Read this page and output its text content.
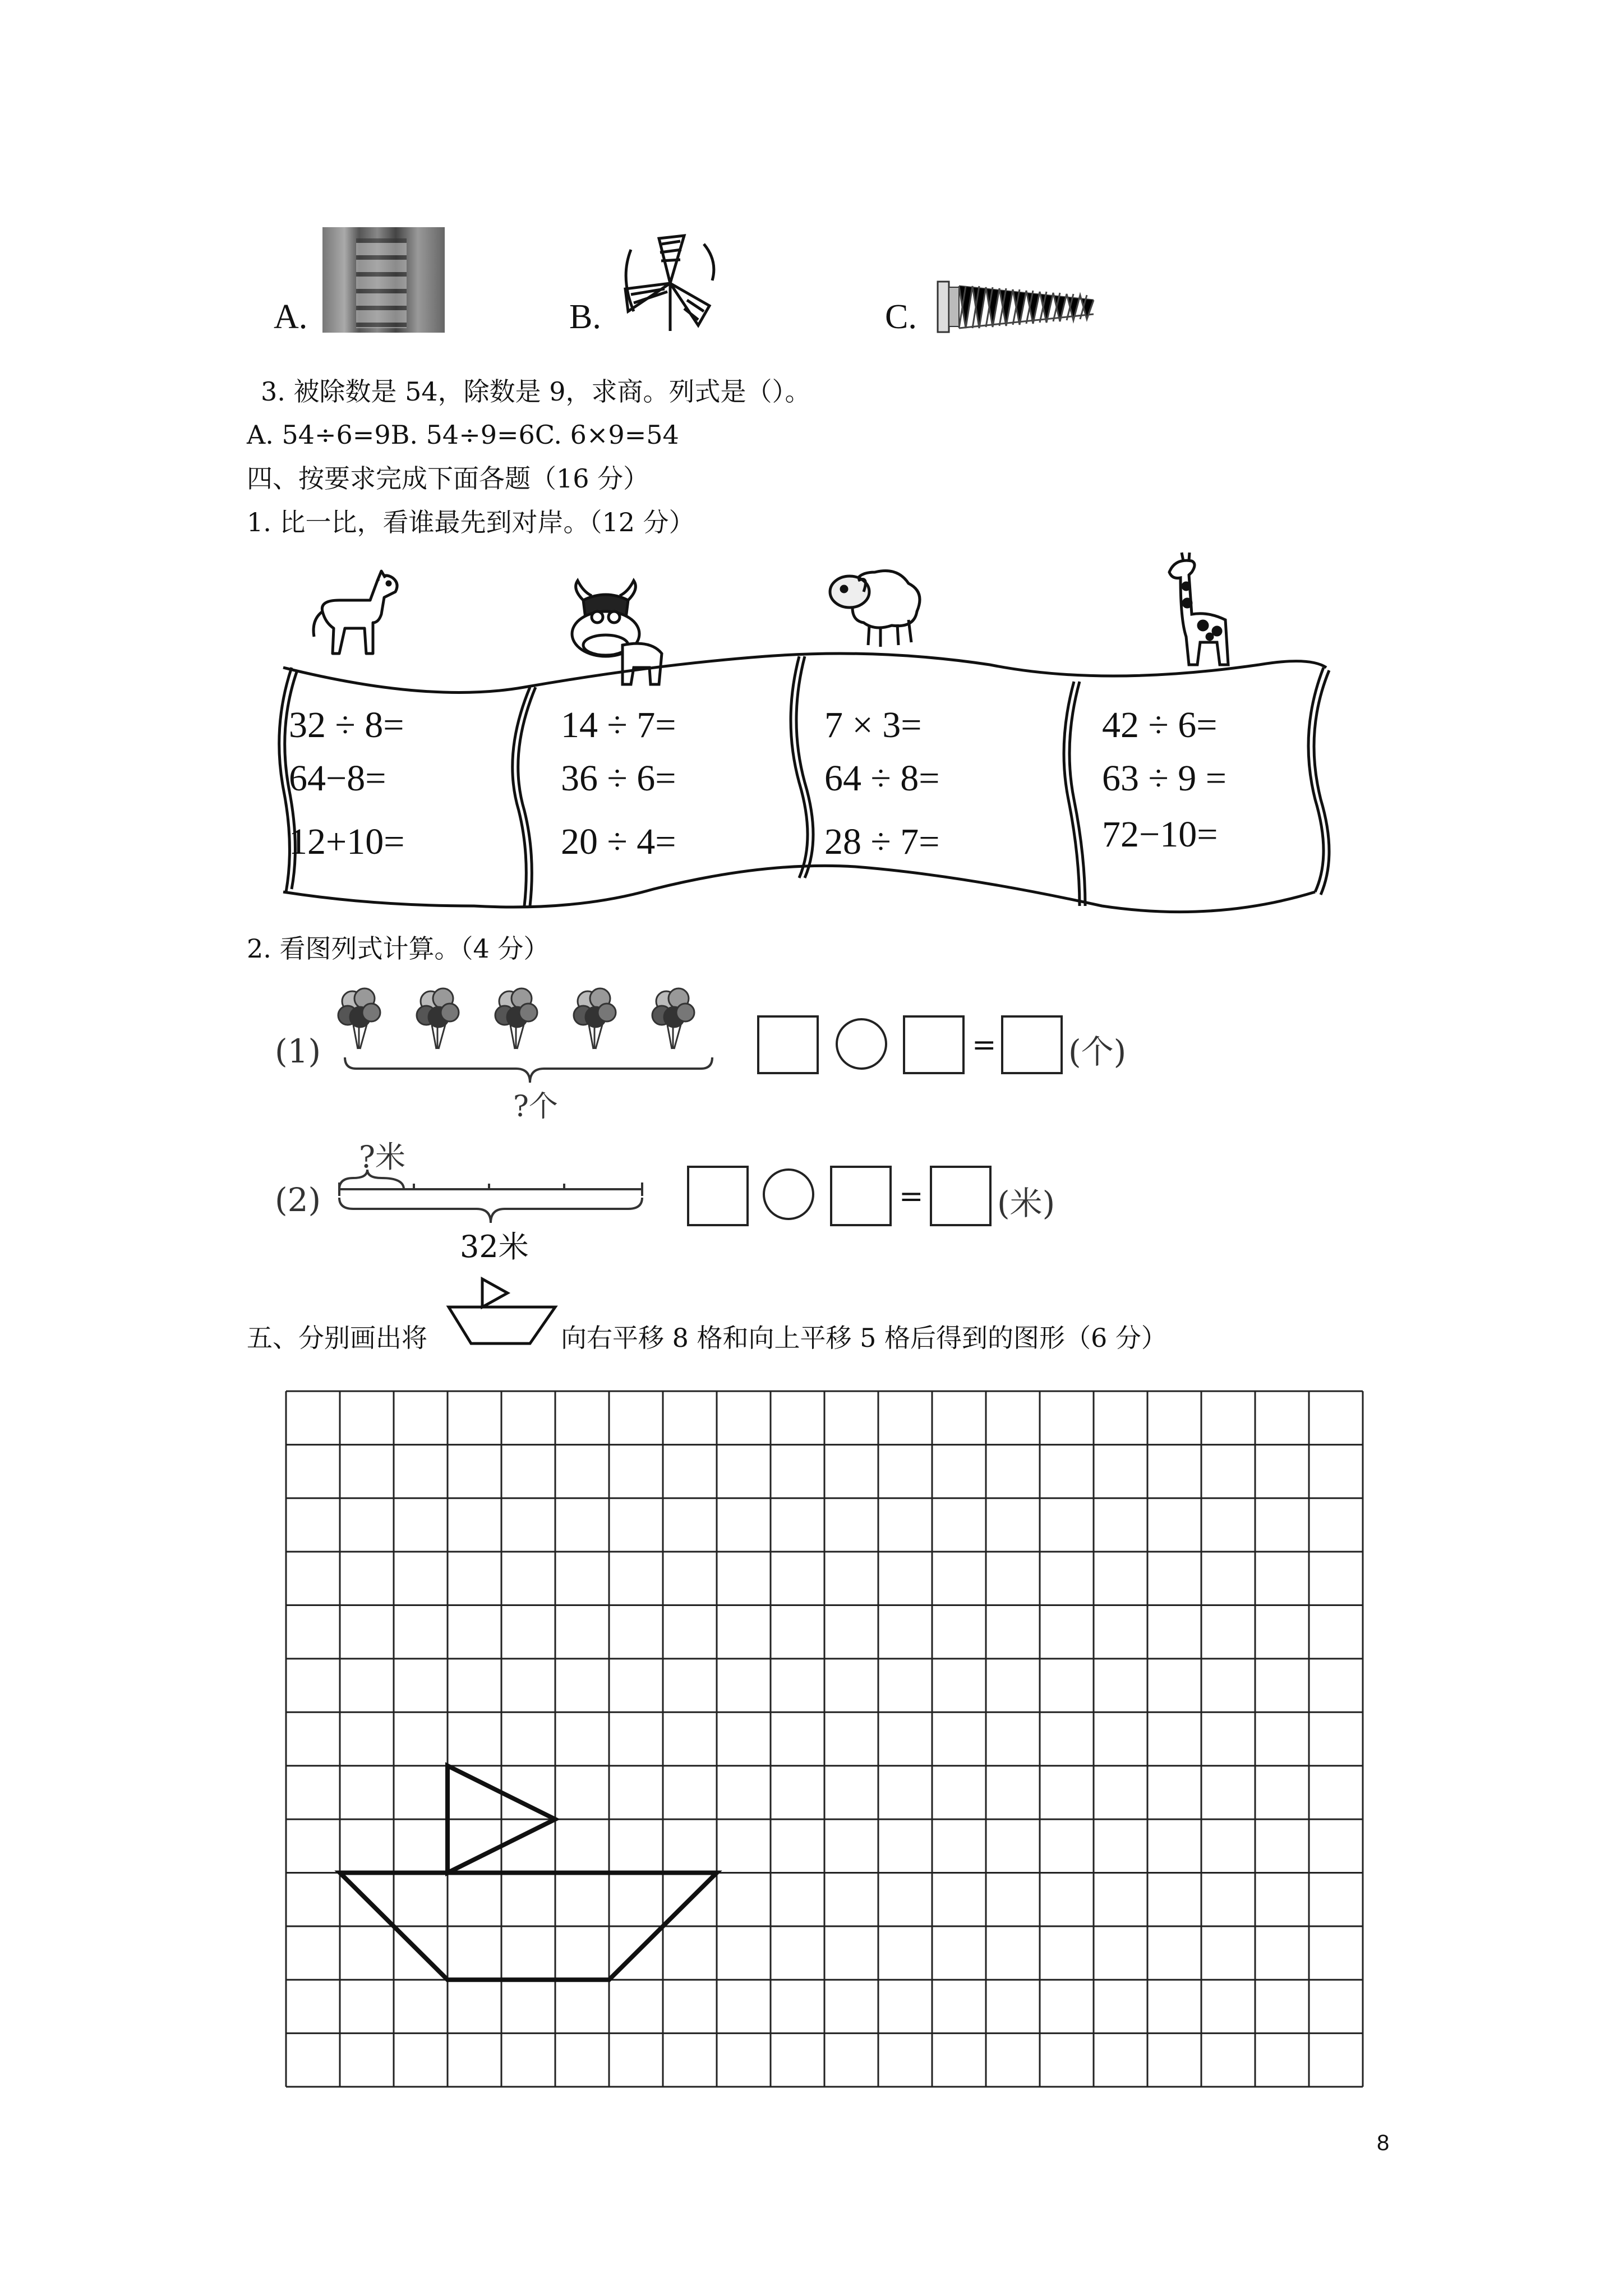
A.	B.	C.
3. 被除数是 54，除数是 9，求商。列式是（）。
A. 54÷6=9B. 54÷9=6C. 6×9=54
四、按要求完成下面各题（16 分）
1. 比一比，看谁最先到对岸。（12 分）
32 ÷ 8=
64−8=
12+10=
14 ÷ 7=
36 ÷ 6=
20 ÷ 4=
7 × 3=
64 ÷ 8=
28 ÷ 7=
42 ÷ 6=
63 ÷ 9 =
72−10=
2. 看图列式计算。（4 分）
(1)
?个
= (个)
(2)
?米
32米
= (米)
五、分别画出将	向右平移 8 格和向上平移 5 格后得到的图形（6 分）
8
